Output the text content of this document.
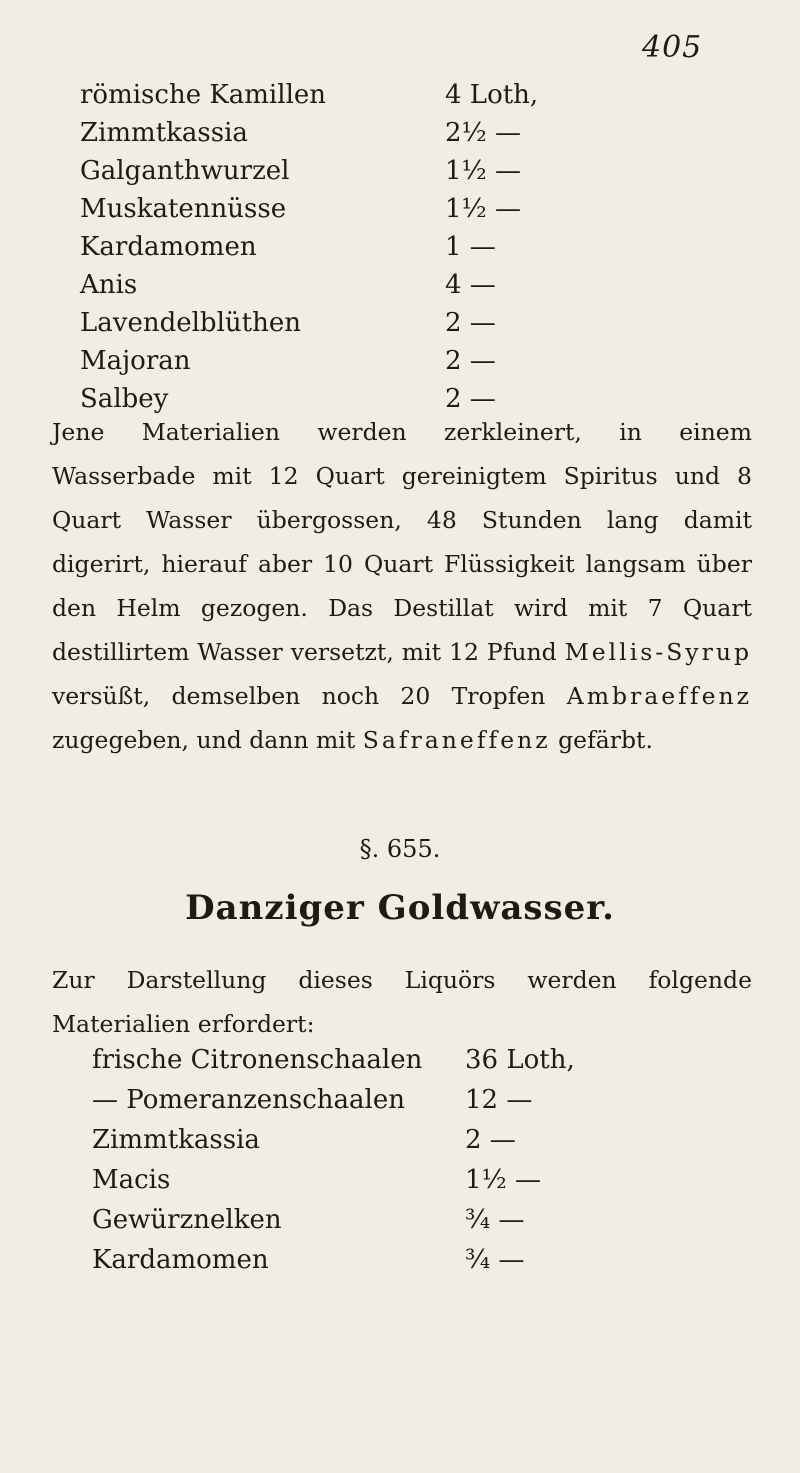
405
römische Kamillen	4 Loth,
Zimmtkassia	2½ —
Galganthwurzel	1½ —
Muskatennüsse	1½ —
Kardamomen	1 —
Anis	4 —
Lavendelblüthen	2 —
Majoran	2 —
Salbey	2 —
Jene Materialien werden zerkleinert, in einem Wasserbade mit 12 Quart gereinigtem Spiritus und 8 Quart Wasser übergossen, 48 Stunden lang damit digerirt, hierauf aber 10 Quart Flüssigkeit langsam über den Helm gezogen. Das Destillat wird mit 7 Quart destillirtem Wasser versetzt, mit 12 Pfund Mellis-Syrup versüßt, demselben noch 20 Tropfen Ambraeffenz zugegeben, und dann mit Safraneffenz gefärbt.
§. 655.
Danziger Goldwasser.
Zur Darstellung dieses Liquörs werden folgende Materialien erfordert:
frische Citronenschaalen 36 Loth,
— Pomeranzenschaalen 12 —
Zimmtkassia	2 —
Macis	1½ —
Gewürznelken	¾ —
Kardamomen	¾ —
